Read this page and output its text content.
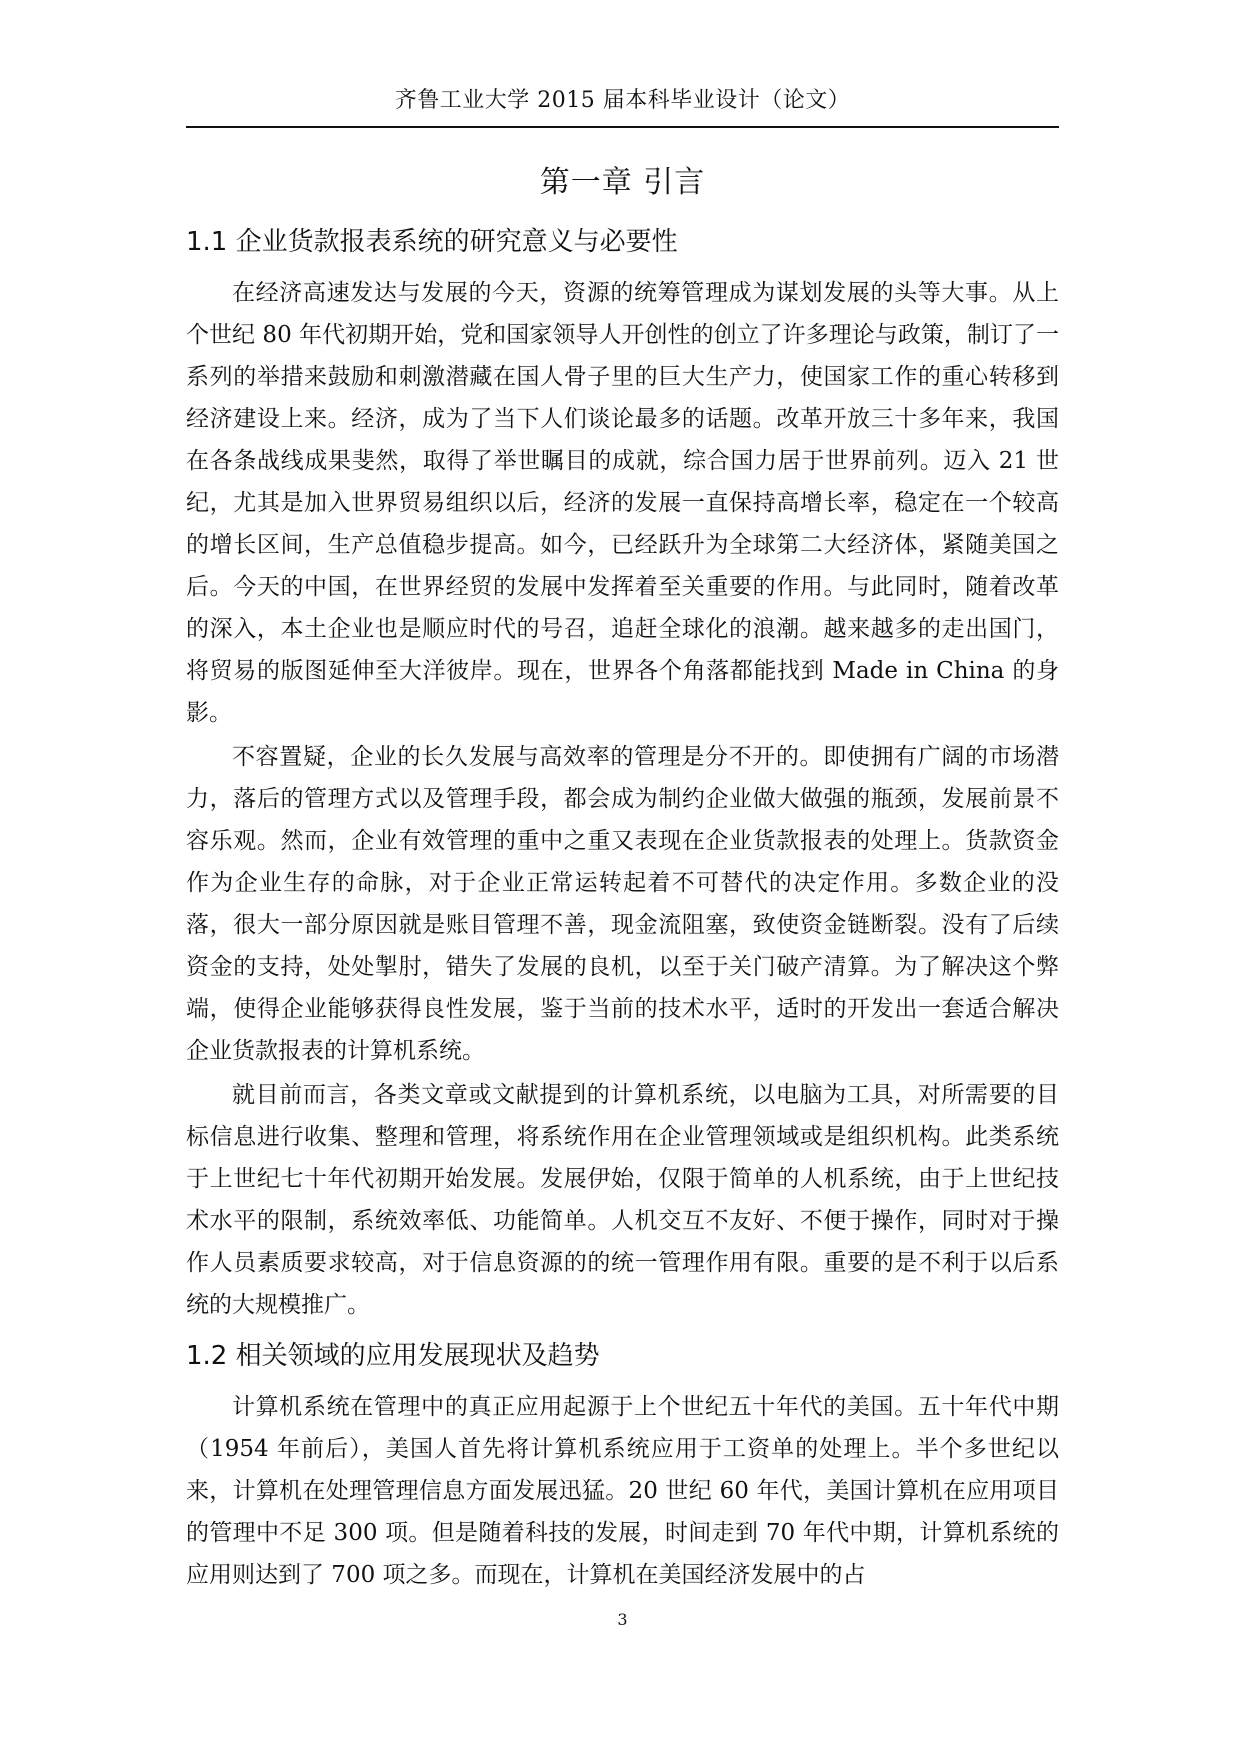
齐鲁工业大学 2015 届本科毕业设计（论文）
第一章 引言
1.1 企业货款报表系统的研究意义与必要性

在经济高速发达与发展的今天，资源的统筹管理成为谋划发展的头等大事。从上个世纪 80 年代初期开始，党和国家领导人开创性的创立了许多理论与政策，制订了一系列的举措来鼓励和刺激潜藏在国人骨子里的巨大生产力，使国家工作的重心转移到经济建设上来。经济，成为了当下人们谈论最多的话题。改革开放三十多年来，我国在各条战线成果斐然，取得了举世瞩目的成就，综合国力居于世界前列。迈入 21 世纪，尤其是加入世界贸易组织以后，经济的发展一直保持高增长率，稳定在一个较高的增长区间，生产总值稳步提高。如今，已经跃升为全球第二大经济体，紧随美国之后。今天的中国，在世界经贸的发展中发挥着至关重要的作用。与此同时，随着改革的深入，本土企业也是顺应时代的号召，追赶全球化的浪潮。越来越多的走出国门，将贸易的版图延伸至大洋彼岸。现在，世界各个角落都能找到 Made in China 的身影。

不容置疑，企业的长久发展与高效率的管理是分不开的。即使拥有广阔的市场潜力，落后的管理方式以及管理手段，都会成为制约企业做大做强的瓶颈，发展前景不容乐观。然而，企业有效管理的重中之重又表现在企业货款报表的处理上。货款资金作为企业生存的命脉，对于企业正常运转起着不可替代的决定作用。多数企业的没落，很大一部分原因就是账目管理不善，现金流阻塞，致使资金链断裂。没有了后续资金的支持，处处掣肘，错失了发展的良机，以至于关门破产清算。为了解决这个弊端，使得企业能够获得良性发展，鉴于当前的技术水平，适时的开发出一套适合解决企业货款报表的计算机系统。

就目前而言，各类文章或文献提到的计算机系统，以电脑为工具，对所需要的目标信息进行收集、整理和管理，将系统作用在企业管理领域或是组织机构。此类系统于上世纪七十年代初期开始发展。发展伊始，仅限于简单的人机系统，由于上世纪技术水平的限制，系统效率低、功能简单。人机交互不友好、不便于操作，同时对于操作人员素质要求较高，对于信息资源的的统一管理作用有限。重要的是不利于以后系统的大规模推广。

1.2 相关领域的应用发展现状及趋势

计算机系统在管理中的真正应用起源于上个世纪五十年代的美国。五十年代中期（1954 年前后），美国人首先将计算机系统应用于工资单的处理上。半个多世纪以来，计算机在处理管理信息方面发展迅猛。20 世纪 60 年代，美国计算机在应用项目的管理中不足 300 项。但是随着科技的发展，时间走到 70 年代中期，计算机系统的应用则达到了 700 项之多。而现在，计算机在美国经济发展中的占

3
